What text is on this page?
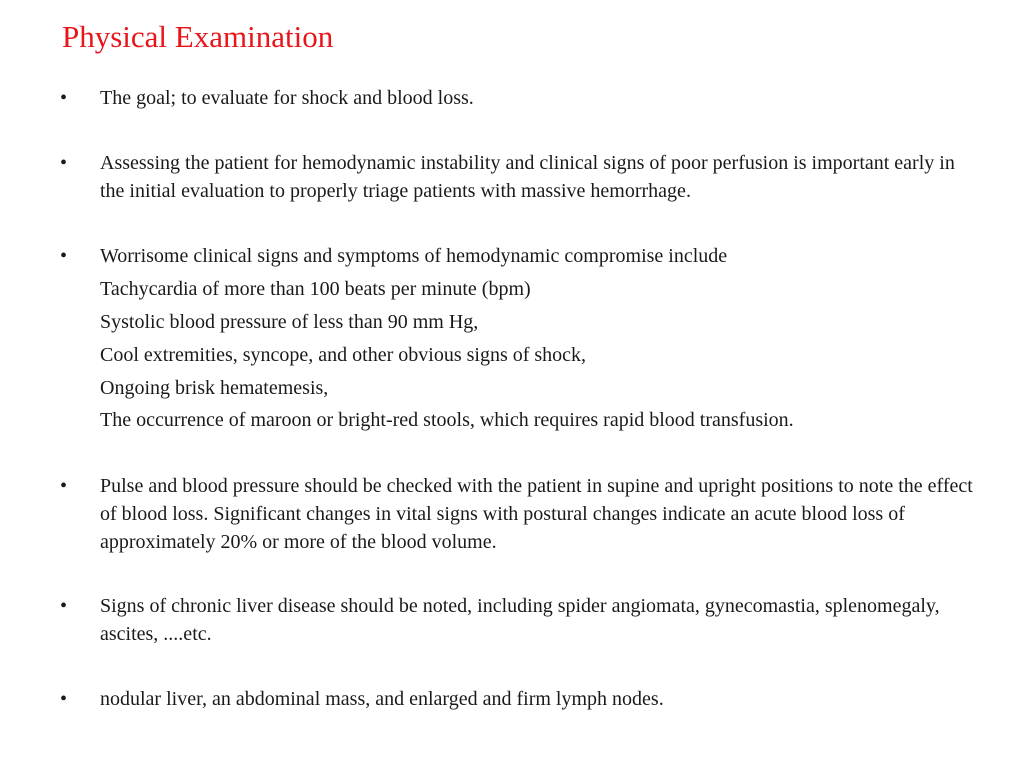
Physical Examination
•	The goal; to evaluate for shock and blood loss.
•	Assessing the patient for hemodynamic instability and clinical signs of poor perfusion is important early in the initial evaluation to properly triage patients with massive hemorrhage.
•	Worrisome clinical signs and symptoms of hemodynamic compromise include
Tachycardia of more than 100 beats per minute (bpm)
Systolic blood pressure of less than 90 mm Hg,
Cool extremities, syncope, and other obvious signs of shock,
Ongoing brisk hematemesis,
The occurrence of maroon or bright-red stools, which requires rapid blood transfusion.
•	Pulse and blood pressure should be checked with the patient in supine and upright positions to note the effect of blood loss. Significant changes in vital signs with postural changes indicate an acute blood loss of approximately 20% or more of the blood volume.
•	Signs of chronic liver disease should be noted, including spider angiomata, gynecomastia, splenomegaly, ascites, ....etc.
•	nodular liver, an abdominal mass, and enlarged and firm lymph nodes.
